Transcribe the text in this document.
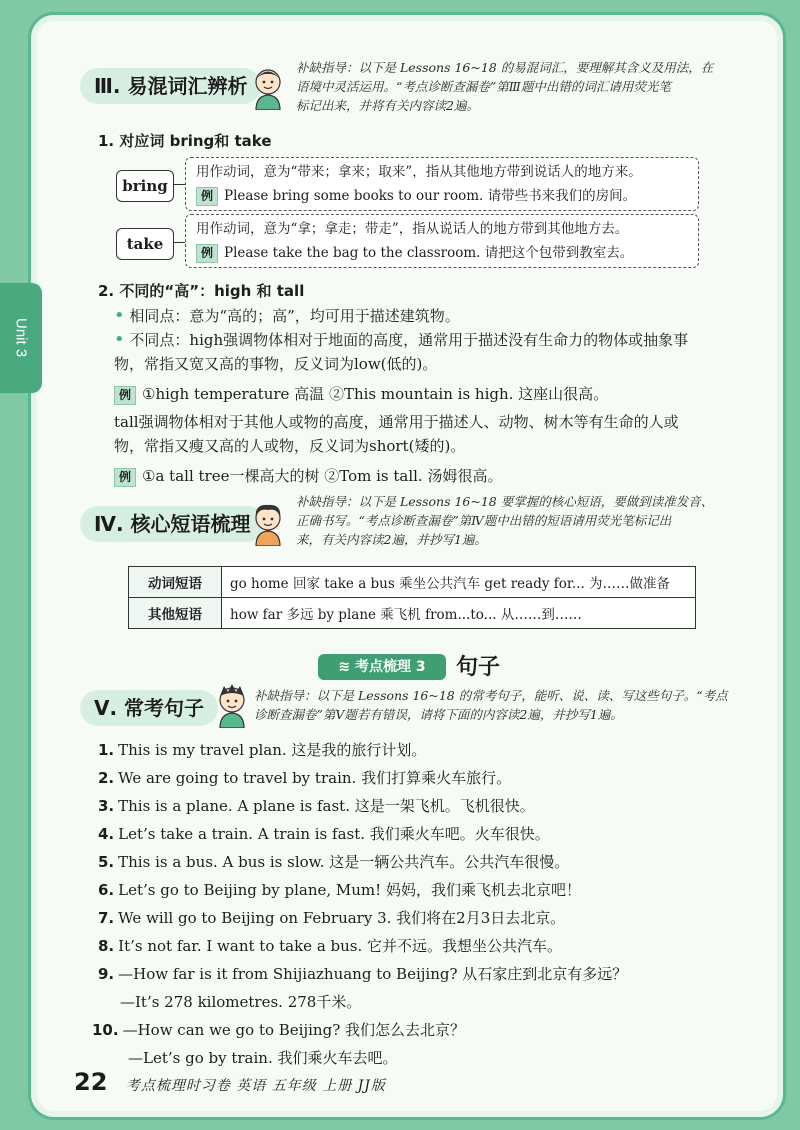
Unit 3
Ⅲ. 易混词汇辨析
补缺指导：以下是 Lessons 16~18 的易混词汇，要理解其含义及用法，在
语境中灵活运用。“考点诊断查漏卷”第Ⅲ题中出错的词汇请用荧光笔
标记出来，并将有关内容读2遍。
1. 对应词 bring和 take
bring
用作动词，意为“带来；拿来；取来”，指从其他地方带到说话人的地方来。
例 Please bring some books to our room. 请带些书来我们的房间。
take
用作动词，意为“拿；拿走；带走”，指从说话人的地方带到其他地方去。
例 Please take the bag to the classroom. 请把这个包带到教室去。
2. 不同的“高”：high 和 tall
• 相同点：意为“高的；高”，均可用于描述建筑物。
• 不同点：high强调物体相对于地面的高度，通常用于描述没有生命力的物体或抽象事
物，常指又宽又高的事物，反义词为low(低的)。
例 ①high temperature 高温 ②This mountain is high. 这座山很高。
tall强调物体相对于其他人或物的高度，通常用于描述人、动物、树木等有生命的人或
物，常指又瘦又高的人或物，反义词为short(矮的)。
例 ①a tall tree一棵高大的树 ②Tom is tall. 汤姆很高。
Ⅳ. 核心短语梳理
补缺指导：以下是 Lessons 16~18 要掌握的核心短语，要做到读准发音、
正确书写。“考点诊断查漏卷”第Ⅳ题中出错的短语请用荧光笔标记出
来，有关内容读2遍，并抄写1遍。
动词短语	go home 回家 take a bus 乘坐公共汽车 get ready for... 为……做准备
其他短语	how far 多远 by plane 乘飞机 from...to... 从……到……
≋ 考点梳理 3	句子
Ⅴ. 常考句子
补缺指导：以下是 Lessons 16~18 的常考句子，能听、说、读、写这些句子。“考点
诊断查漏卷”第Ⅴ题若有错误，请将下面的内容读2遍，并抄写1遍。
1. This is my travel plan. 这是我的旅行计划。
2. We are going to travel by train. 我们打算乘火车旅行。
3. This is a plane. A plane is fast. 这是一架飞机。飞机很快。
4. Let’s take a train. A train is fast. 我们乘火车吧。火车很快。
5. This is a bus. A bus is slow. 这是一辆公共汽车。公共汽车很慢。
6. Let’s go to Beijing by plane, Mum! 妈妈，我们乘飞机去北京吧！
7. We will go to Beijing on February 3. 我们将在2月3日去北京。
8. It’s not far. I want to take a bus. 它并不远。我想坐公共汽车。
9. —How far is it from Shijiazhuang to Beijing? 从石家庄到北京有多远？
—It’s 278 kilometres. 278千米。
10. —How can we go to Beijing? 我们怎么去北京？
—Let’s go by train. 我们乘火车去吧。
22 考点梳理时习卷 英语 五年级 上册 JJ版
